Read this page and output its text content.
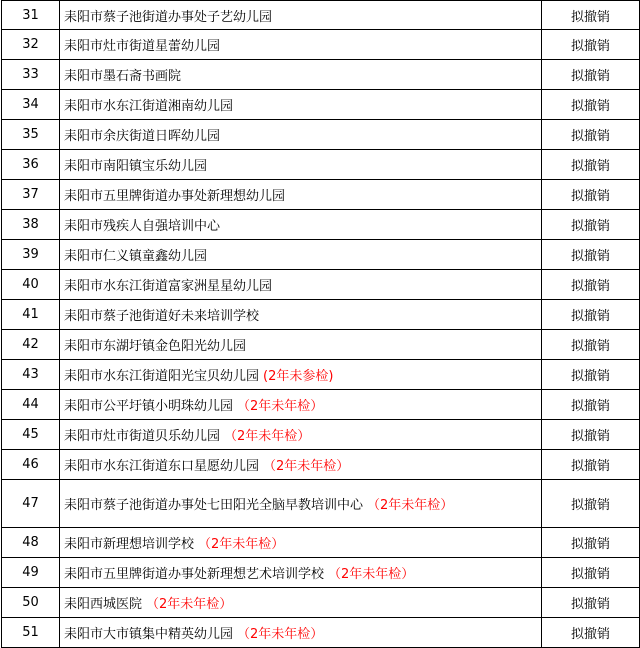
31	耒阳市蔡子池街道办事处子艺幼儿园	拟撤销
32	耒阳市灶市街道星蕾幼儿园	拟撤销
33	耒阳市墨石斋书画院	拟撤销
34	耒阳市水东江街道湘南幼儿园	拟撤销
35	耒阳市余庆街道日晖幼儿园	拟撤销
36	耒阳市南阳镇宝乐幼儿园	拟撤销
37	耒阳市五里牌街道办事处新理想幼儿园	拟撤销
38	耒阳市残疾人自强培训中心	拟撤销
39	耒阳市仁义镇童鑫幼儿园	拟撤销
40	耒阳市水东江街道富家洲星星幼儿园	拟撤销
41	耒阳市蔡子池街道好未来培训学校	拟撤销
42	耒阳市东湖圩镇金色阳光幼儿园	拟撤销
43	耒阳市水东江街道阳光宝贝幼儿园 (2年未参检)	拟撤销
44	耒阳市公平圩镇小明珠幼儿园 （2年未年检）	拟撤销
45	耒阳市灶市街道贝乐幼儿园 （2年未年检）	拟撤销
46	耒阳市水东江街道东口星愿幼儿园 （2年未年检）	拟撤销
47	耒阳市蔡子池街道办事处七田阳光全脑早教培训中心 （2年未年检）	拟撤销
48	耒阳市新理想培训学校 （2年未年检）	拟撤销
49	耒阳市五里牌街道办事处新理想艺术培训学校 （2年未年检）	拟撤销
50	耒阳西城医院 （2年未年检）	拟撤销
51	耒阳市大市镇集中精英幼儿园 （2年未年检）	拟撤销
